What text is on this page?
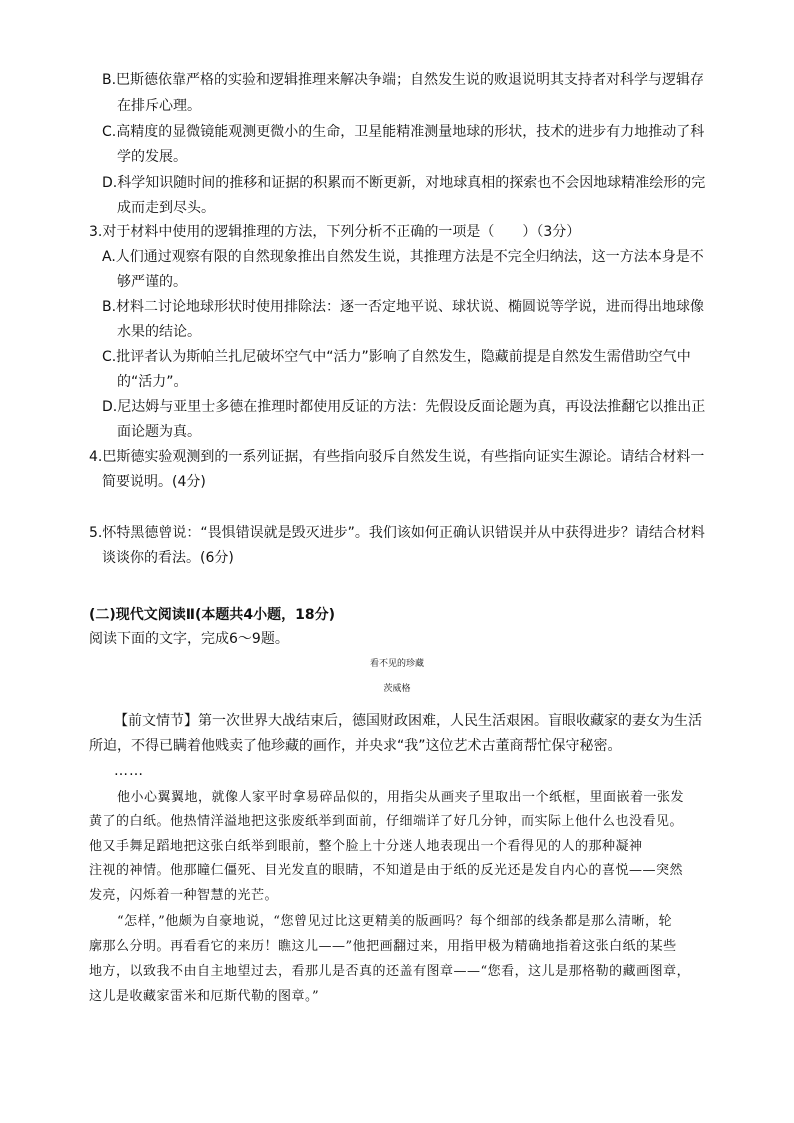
B.巴斯德依靠严格的实验和逻辑推理来解决争端；自然发生说的败退说明其支持者对科学与逻辑存
在排斥心理。
C.高精度的显微镜能观测更微小的生命，卫星能精准测量地球的形状，技术的进步有力地推动了科
学的发展。
D.科学知识随时间的推移和证据的积累而不断更新，对地球真相的探索也不会因地球精准绘形的完
成而走到尽头。
3.对于材料中使用的逻辑推理的方法，下列分析不正确的一项是（　　）（3分）
A.人们通过观察有限的自然现象推出自然发生说，其推理方法是不完全归纳法，这一方法本身是不
够严谨的。
B.材料二讨论地球形状时使用排除法：逐一否定地平说、球状说、椭圆说等学说，进而得出地球像
水果的结论。
C.批评者认为斯帕兰扎尼破坏空气中“活力”影响了自然发生，隐藏前提是自然发生需借助空气中
的“活力”。
D.尼达姆与亚里士多德在推理时都使用反证的方法：先假设反面论题为真，再设法推翻它以推出正
面论题为真。
4.巴斯德实验观测到的一系列证据，有些指向驳斥自然发生说，有些指向证实生源论。请结合材料一
简要说明。(4分)
5.怀特黑德曾说：“畏惧错误就是毁灭进步”。我们该如何正确认识错误并从中获得进步？请结合材料
谈谈你的看法。(6分)
(二)现代文阅读Ⅱ(本题共4小题，18分)
阅读下面的文字，完成6～9题。
看不见的珍藏
茨威格
【前文情节】第一次世界大战结束后，德国财政困难，人民生活艰困。盲眼收藏家的妻女为生活
所迫，不得已瞒着他贱卖了他珍藏的画作，并央求“我”这位艺术古董商帮忙保守秘密。
……
他小心翼翼地，就像人家平时拿易碎品似的，用指尖从画夹子里取出一个纸框，里面嵌着一张发
黄了的白纸。他热情洋溢地把这张废纸举到面前，仔细端详了好几分钟，而实际上他什么也没看见。
他又手舞足蹈地把这张白纸举到眼前，整个脸上十分迷人地表现出一个看得见的人的那种凝神
注视的神情。他那瞳仁僵死、目光发直的眼睛，不知道是由于纸的反光还是发自内心的喜悦——突然
发亮，闪烁着一种智慧的光芒。
“怎样，”他颇为自豪地说，“您曾见过比这更精美的版画吗？每个细部的线条都是那么清晰，轮
廓那么分明。再看看它的来历！瞧这儿——”他把画翻过来，用指甲极为精确地指着这张白纸的某些
地方，以致我不由自主地望过去，看那儿是否真的还盖有图章——“您看，这儿是那格勒的藏画图章，
这儿是收藏家雷米和厄斯代勒的图章。”
